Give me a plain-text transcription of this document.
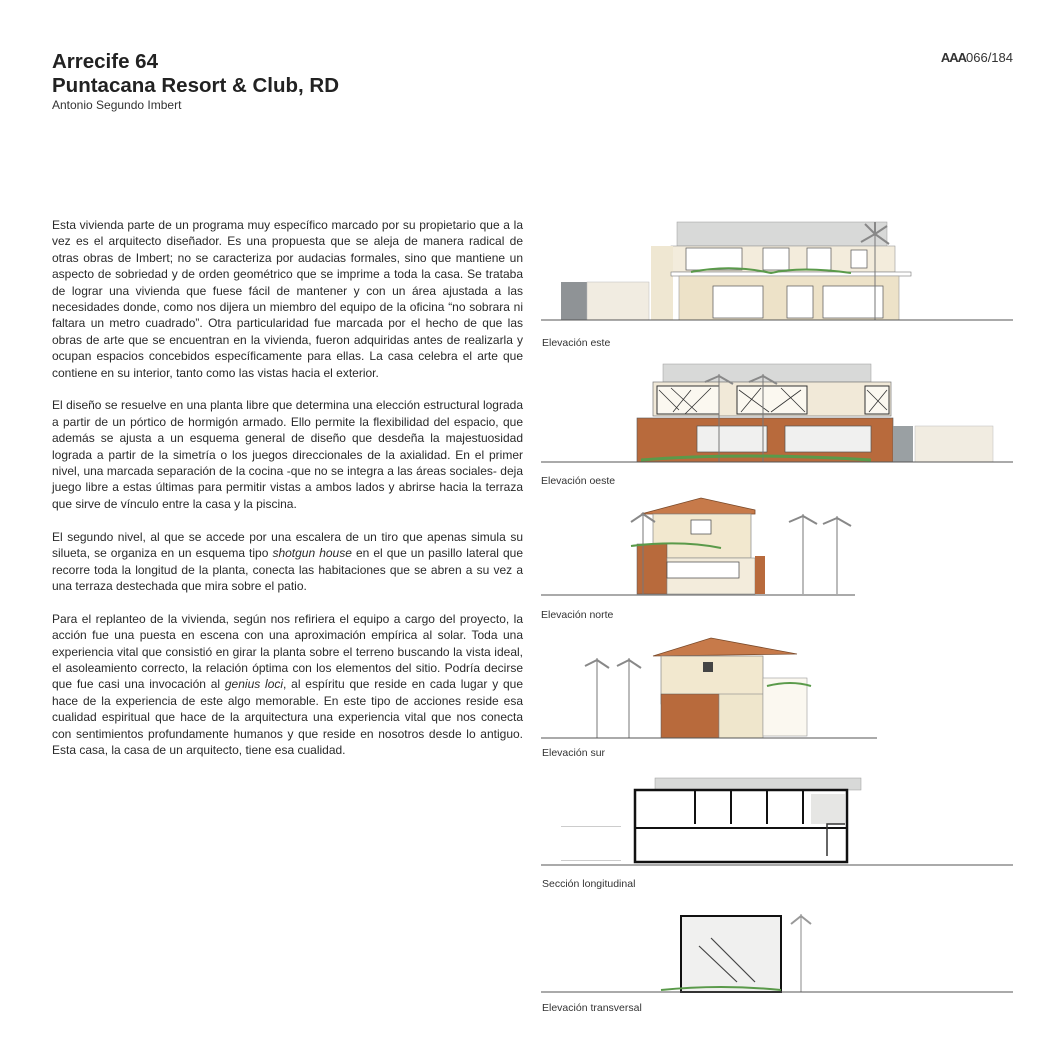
Arrecife 64
Puntacana Resort & Club, RD
Antonio Segundo Imbert
AAA066/184

Esta vivienda parte de un programa muy específico marcado por su propietario que a la vez es el arquitecto diseñador. Es una propuesta que se aleja de manera radical de otras obras de Imbert; no se caracteriza por audacias formales, sino que mantiene un aspecto de sobriedad y de orden geométrico que se imprime a toda la casa. Se trataba de lograr una vivienda que fuese fácil de mantener y con un área ajustada a las necesidades donde, como nos dijera un miembro del equipo de la oficina “no sobrara ni faltara un metro cuadrado”. Otra particularidad fue marcada por el hecho de que las obras de arte que se encuentran en la vivienda, fueron adquiridas antes de realizarla y ocupan espacios concebidos específicamente para ellas. La casa celebra el arte que contiene en su interior, tanto como las vistas hacia el exterior.

El diseño se resuelve en una planta libre que determina una elección estructural lograda a partir de un pórtico de hormigón armado. Ello permite la flexibilidad del espacio, que además se ajusta a un esquema general de diseño que desdeña la majestuosidad lograda a partir de la simetría o los juegos direccionales de la axialidad. En el primer nivel, una marcada separación de la cocina -que no se integra a las áreas sociales- deja juego libre a estas últimas para permitir vistas a ambos lados y abrirse hacia la terraza que sirve de vínculo entre la casa y la piscina.

El segundo nivel, al que se accede por una escalera de un tiro que apenas simula su silueta, se organiza en un esquema tipo shotgun house en el que un pasillo lateral que recorre toda la longitud de la planta, conecta las habitaciones que se abren a su vez a una terraza destechada que mira sobre el patio.

Para el replanteo de la vivienda, según nos refiriera el equipo a cargo del proyecto, la acción fue una puesta en escena con una aproximación empírica al solar. Toda una experiencia vital que consistió en girar la planta sobre el terreno buscando la vista ideal, el asoleamiento correcto, la relación óptima con los elementos del sitio. Podría decirse que fue casi una invocación al genius loci, al espíritu que reside en cada lugar y que hace de la experiencia de este algo memorable. En este tipo de acciones reside esa cualidad espiritual que hace de la arquitectura una experiencia vital que nos conecta con sentimientos profundamente humanos y que reside en nosotros desde lo antiguo. Esta casa, la casa de un arquitecto, tiene esa cualidad.

Elevación este
Elevación oeste
Elevación norte
Elevación sur
Sección longitudinal
Elevación transversal
